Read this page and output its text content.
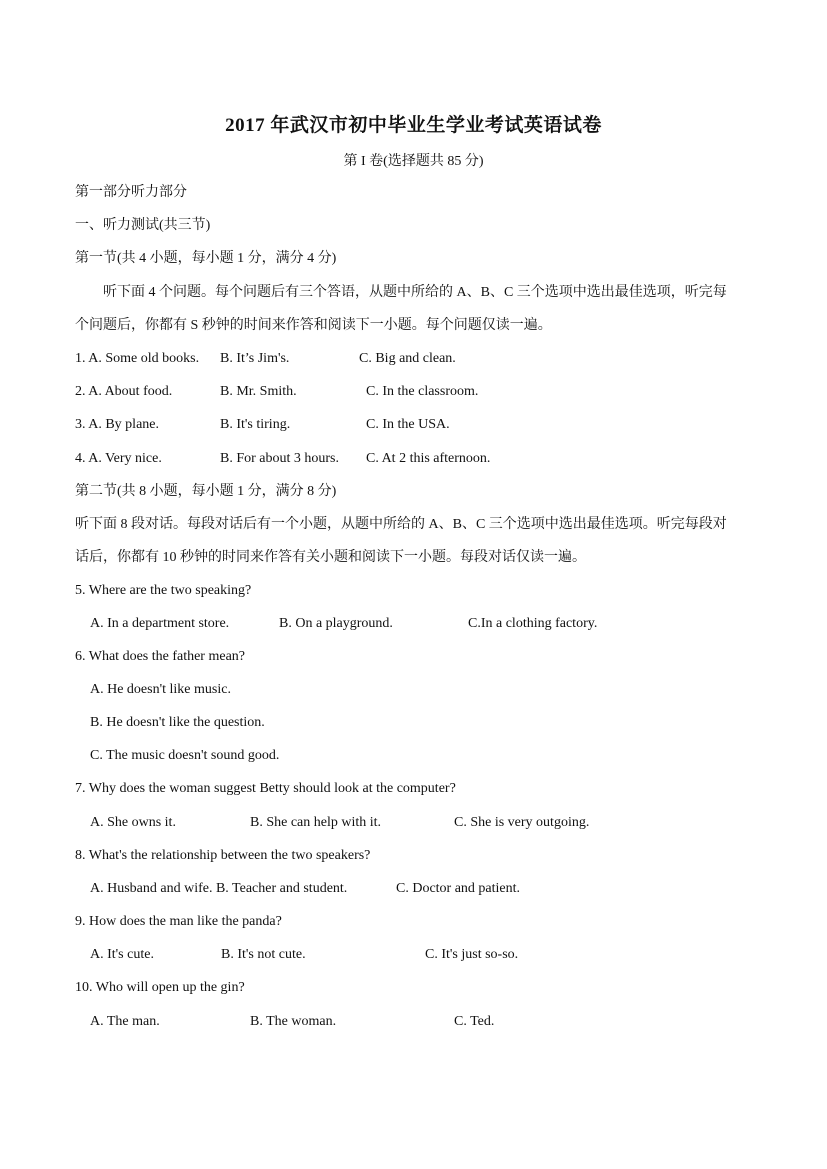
2017 年武汉市初中毕业生学业考试英语试卷
第 I 卷(选择题共 85 分)
第一部分听力部分
一、听力测试(共三节)
第一节(共 4 小题，每小题 1 分，满分 4 分)
听下面 4 个问题。每个问题后有三个答语，从题中所给的 A、B、C 三个选项中选出最佳选项，听完每
个问题后，你都有 S 秒钟的时间来作答和阅读下一小题。每个问题仅读一遍。
1. A. Some old books. B. It’s Jim's.	C. Big and clean.
2. A. About food.	B. Mr. Smith.	C. In the classroom.
3. A. By plane.	B. It's tiring.	C. In the USA.
4. A. Very nice.	B. For about 3 hours. C. At 2 this afternoon.
第二节(共 8 小题，每小题 1 分，满分 8 分)
听下面 8 段对话。每段对话后有一个小题，从题中所给的 A、B、C 三个选项中选出最佳选项。听完每段对
话后，你都有 10 秒钟的时同来作答有关小题和阅读下一小题。每段对话仅读一遍。
5. Where are the two speaking?
A. In a department store.	B. On a playground.	C.In a clothing factory.
6. What does the father mean?
A. He doesn't like music.
B. He doesn't like the question.
C. The music doesn't sound good.
7. Why does the woman suggest Betty should look at the computer?
A. She owns it.	B. She can help with it.	C. She is very outgoing.
8. What's the relationship between the two speakers?
A. Husband and wife. B. Teacher and student.	C. Doctor and patient.
9. How does the man like the panda?
A. It's cute.	B. It's not cute.	C. It's just so-so.
10. Who will open up the gin?
A. The man.	B. The woman.	C. Ted.
